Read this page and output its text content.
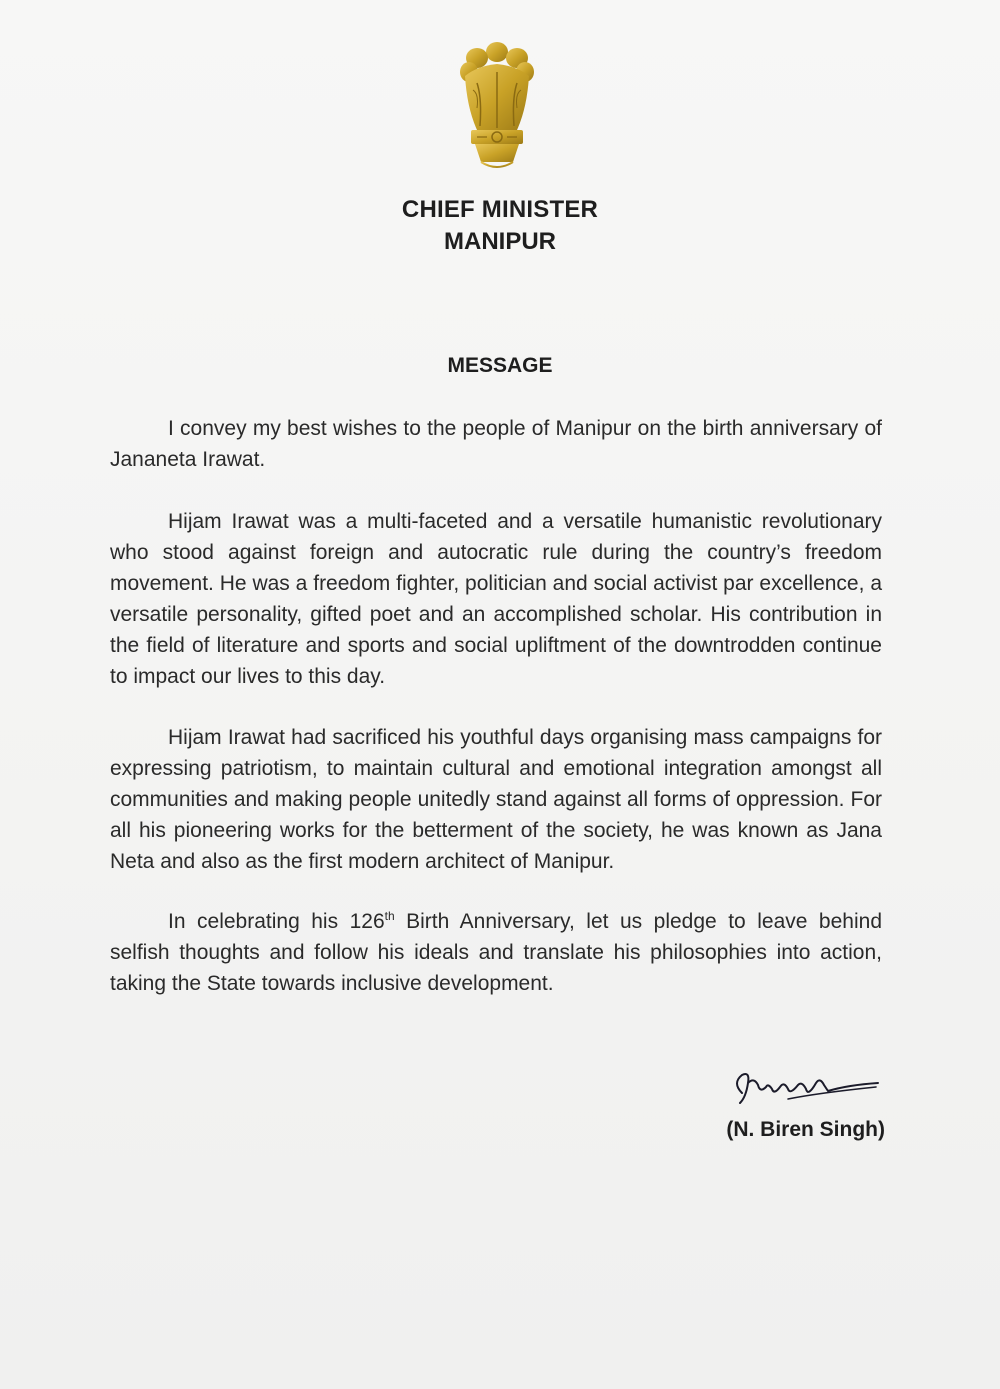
CHIEF MINISTER
MANIPUR
MESSAGE

I convey my best wishes to the people of Manipur on the birth anniversary of Jananeta Irawat.

Hijam Irawat was a multi-faceted and a versatile humanistic revolutionary who stood against foreign and autocratic rule during the country’s freedom movement. He was a freedom fighter, politician and social activist par excellence, a versatile personality, gifted poet and an accomplished scholar. His contribution in the field of literature and sports and social upliftment of the downtrodden continue to impact our lives to this day.

Hijam Irawat had sacrificed his youthful days organising mass campaigns for expressing patriotism, to maintain cultural and emotional integration amongst all communities and making people unitedly stand against all forms of oppression. For all his pioneering works for the betterment of the society, he was known as Jana Neta and also as the first modern architect of Manipur.

In celebrating his 126th Birth Anniversary, let us pledge to leave behind selfish thoughts and follow his ideals and translate his philosophies into action, taking the State towards inclusive development.

(N. Biren Singh)
